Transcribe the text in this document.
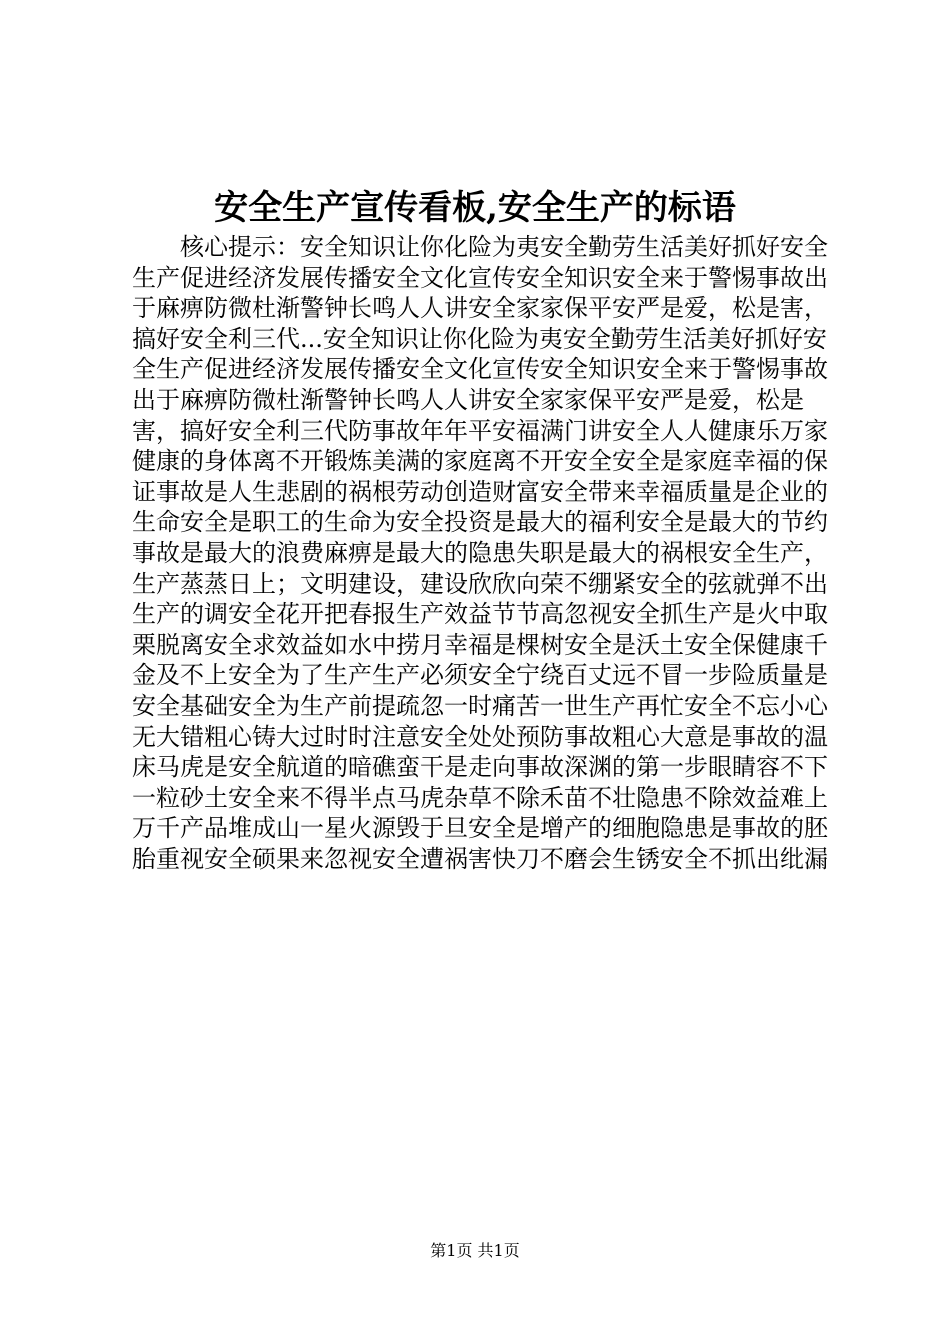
安全生产宣传看板,安全生产的标语

核心提示：安全知识让你化险为夷安全勤劳生活美好抓好安全生产促进经济发展传播安全文化宣传安全知识安全来于警惕事故出于麻痹防微杜渐警钟长鸣人人讲安全家家保平安严是爱，松是害，搞好安全利三代...安全知识让你化险为夷安全勤劳生活美好抓好安全生产促进经济发展传播安全文化宣传安全知识安全来于警惕事故出于麻痹防微杜渐警钟长鸣人人讲安全家家保平安严是爱，松是害，搞好安全利三代防事故年年平安福满门讲安全人人健康乐万家健康的身体离不开锻炼美满的家庭离不开安全安全是家庭幸福的保证事故是人生悲剧的祸根劳动创造财富安全带来幸福质量是企业的生命安全是职工的生命为安全投资是最大的福利安全是最大的节约事故是最大的浪费麻痹是最大的隐患失职是最大的祸根安全生产，生产蒸蒸日上；文明建设，建设欣欣向荣不绷紧安全的弦就弹不出生产的调安全花开把春报生产效益节节高忽视安全抓生产是火中取栗脱离安全求效益如水中捞月幸福是棵树安全是沃土安全保健康千金及不上安全为了生产生产必须安全宁绕百丈远不冒一步险质量是安全基础安全为生产前提疏忽一时痛苦一世生产再忙安全不忘小心无大错粗心铸大过时时注意安全处处预防事故粗心大意是事故的温床马虎是安全航道的暗礁蛮干是走向事故深渊的第一步眼睛容不下一粒砂土安全来不得半点马虎杂草不除禾苗不壮隐患不除效益难上万千产品堆成山一星火源毁于旦安全是增产的细胞隐患是事故的胚胎重视安全硕果来忽视安全遭祸害快刀不磨会生锈安全不抓出纰漏

第1页 共1页
